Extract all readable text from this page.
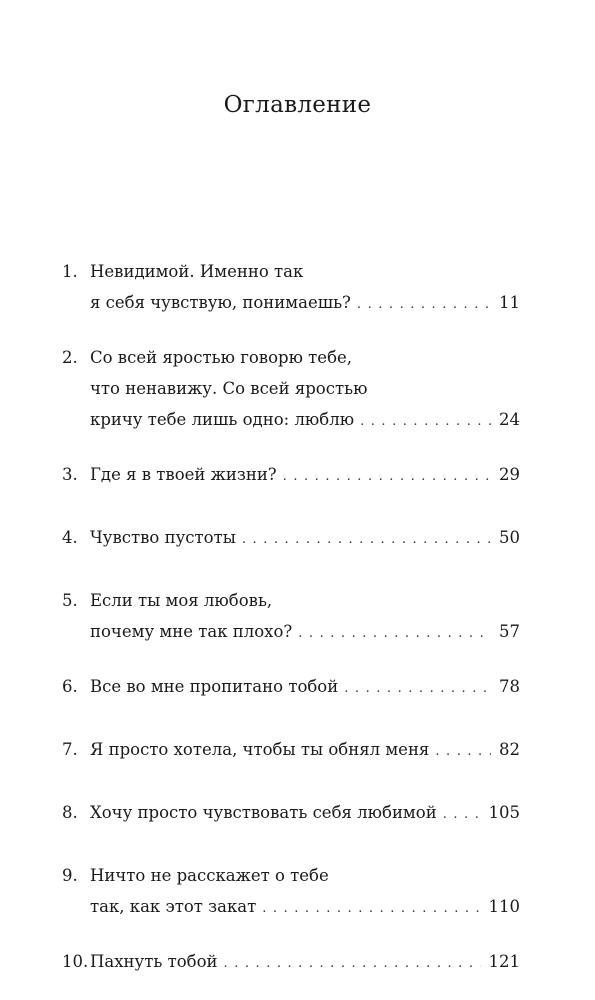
Оглавление
1. Невидимой. Именно так
я себя чувствую, понимаешь? . . .	11
2. Со всей яростью говорю тебе,
что ненавижу. Со всей яростью
кричу тебе лишь одно: люблю . . .	24
3. Где я в твоей жизни? . . .	29
4. Чувство пустоты . . .	50
5. Если ты моя любовь,
почему мне так плохо? . . .	57
6. Все во мне пропитано тобой . . .	78
7. Я просто хотела, чтобы ты обнял меня . . .	82
8. Хочу просто чувствовать себя любимой . . .	105
9. Ничто не расскажет о тебе
так, как этот закат . . .	110
10. Пахнуть тобой . . .	121
